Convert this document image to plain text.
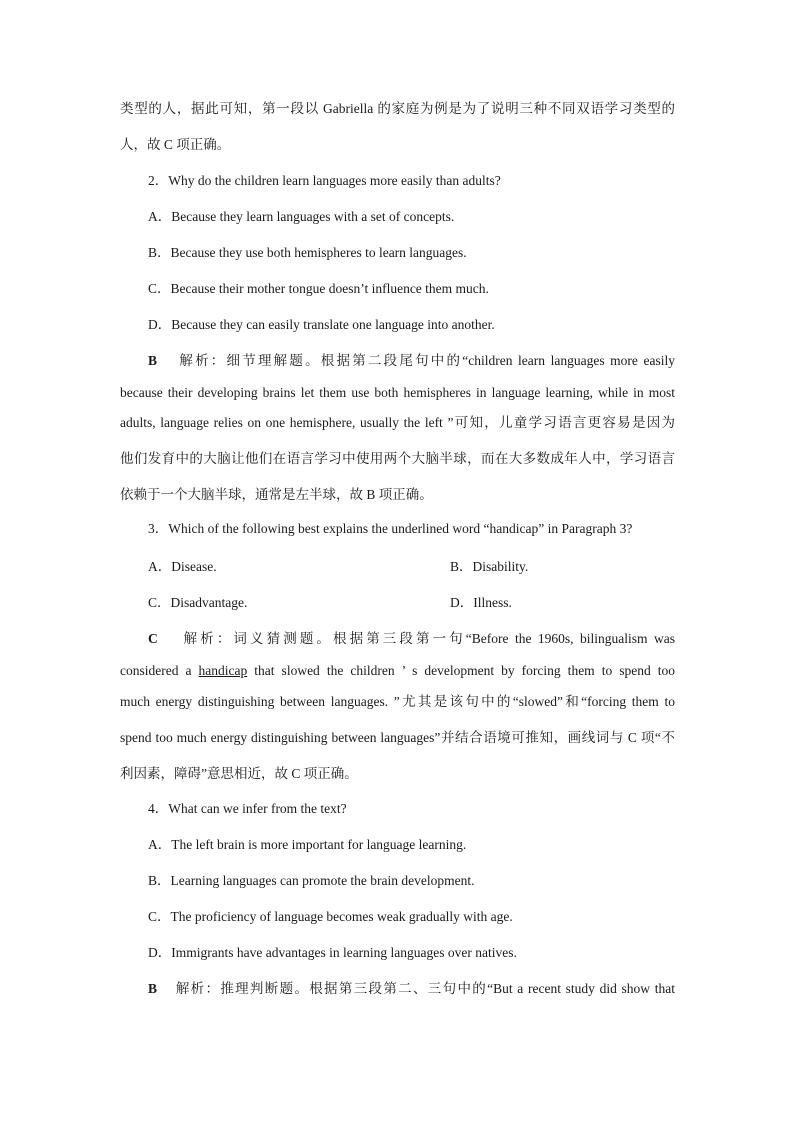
类型的人，据此可知，第一段以 Gabriella 的家庭为例是为了说明三种不同双语学习类型的

人，故 C 项正确。

2．Why do the children learn languages more easily than adults?

A．Because they learn languages with a set of concepts.

B．Because they use both hemispheres to learn languages.

C．Because their mother tongue doesn’t influence them much.

D．Because they can easily translate one language into another.

B 解析：细节理解题。根据第二段尾句中的“children learn languages more easily

because their developing brains let them use both hemispheres in language learning, while in most

adults, language relies on one hemisphere, usually the left ”可知，儿童学习语言更容易是因为

他们发育中的大脑让他们在语言学习中使用两个大脑半球，而在大多数成年人中，学习语言

依赖于一个大脑半球，通常是左半球，故 B 项正确。

3．Which of the following best explains the underlined word “handicap” in Paragraph 3?

A．Disease.	B．Disability.

C．Disadvantage.	D．Illness.

C 解析：词义猜测题。根据第三段第一句“Before the 1960s, bilingualism was

considered a handicap that slowed the children ’ s development by forcing them to spend too

much energy distinguishing between languages. ”尤其是该句中的“slowed”和“forcing them to

spend too much energy distinguishing between languages”并结合语境可推知，画线词与 C 项“不

利因素，障碍”意思相近，故 C 项正确。

4．What can we infer from the text?

A．The left brain is more important for language learning.

B．Learning languages can promote the brain development.

C．The proficiency of language becomes weak gradually with age.

D．Immigrants have advantages in learning languages over natives.

B 解析：推理判断题。根据第三段第二、三句中的“But a recent study did show that
